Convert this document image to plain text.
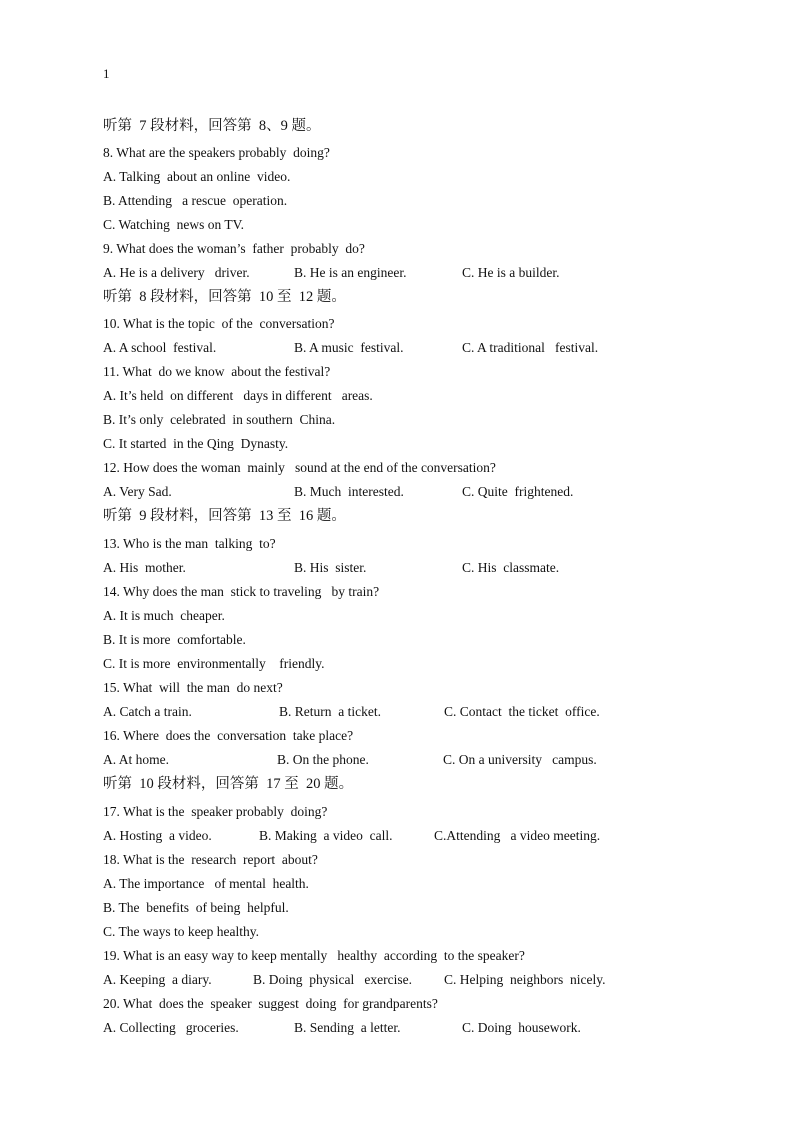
1
听第  7 段材料，回答第  8、9 题。
8. What are the speakers probably  doing?
A. Talking  about an online  video.
B. Attending   a rescue  operation.
C. Watching  news on TV.
9. What does the woman’s  father  probably  do?
A. He is a delivery   driver.	B. He is an engineer.	C. He is a builder.
听第  8 段材料，回答第  10 至  12 题。
10. What is the topic  of the  conversation?
A. A school  festival.	B. A music  festival.	C. A traditional   festival.
11. What  do we know  about the festival?
A. It’s held  on different   days in different   areas.
B. It’s only  celebrated  in southern  China.
C. It started  in the Qing  Dynasty.
12. How does the woman  mainly   sound at the end of the conversation?
A. Very Sad.	B. Much  interested.	C. Quite  frightened.
听第  9 段材料，回答第  13 至  16 题。
13. Who is the man  talking  to?
A. His  mother.	B. His  sister.	C. His  classmate.
14. Why does the man  stick to traveling   by train?
A. It is much  cheaper.
B. It is more  comfortable.
C. It is more  environmentally    friendly.
15. What  will  the man  do next?
A. Catch a train.	B. Return  a ticket.	C. Contact  the ticket  office.
16. Where  does the  conversation  take place?
A. At home.	B. On the phone.	C. On a university   campus.
听第  10 段材料，回答第  17 至  20 题。
17. What is the  speaker probably  doing?
A. Hosting  a video.	B. Making  a video  call.	C.Attending   a video meeting.
18. What is the  research  report  about?
A. The importance   of mental  health.
B. The  benefits  of being  helpful.
C. The ways to keep healthy.
19. What is an easy way to keep mentally   healthy  according  to the speaker?
A. Keeping  a diary.	B. Doing  physical   exercise. C. Helping  neighbors  nicely.
20. What  does the  speaker  suggest  doing  for grandparents?
A. Collecting   groceries.	B. Sending  a letter.	C. Doing  housework.
